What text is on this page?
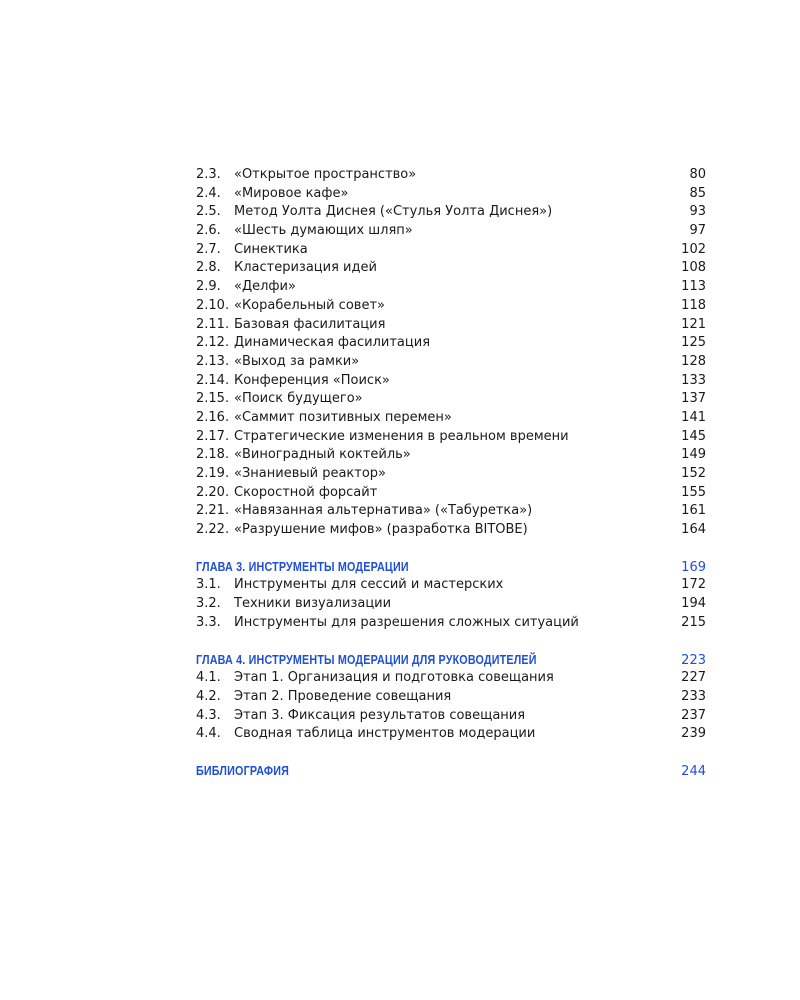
2.3.	«Открытое пространство»	80
2.4.	«Мировое кафе»	85
2.5.	Метод Уолта Диснея («Стулья Уолта Диснея»)	93
2.6.	«Шесть думающих шляп»	97
2.7.	Синектика	102
2.8.	Кластеризация идей	108
2.9.	«Делфи»	113
2.10. «Корабельный совет»	118
2.11. Базовая фасилитация	121
2.12. Динамическая фасилитация	125
2.13. «Выход за рамки»	128
2.14. Конференция «Поиск»	133
2.15. «Поиск будущего»	137
2.16. «Саммит позитивных перемен»	141
2.17. Стратегические изменения в реальном времени	145
2.18. «Виноградный коктейль»	149
2.19. «Знаниевый реактор»	152
2.20. Скоростной форсайт	155
2.21. «Навязанная альтернатива» («Табуретка»)	161
2.22. «Разрушение мифов» (разработка BITOBE)	164
ГЛАВА 3. ИНСТРУМЕНТЫ МОДЕРАЦИИ	169
3.1.	Инструменты для сессий и мастерских	172
3.2.	Техники визуализации	194
3.3.	Инструменты для разрешения сложных ситуаций	215
ГЛАВА 4. ИНСТРУМЕНТЫ МОДЕРАЦИИ ДЛЯ РУКОВОДИТЕЛЕЙ	223
4.1.	Этап 1. Организация и подготовка совещания	227
4.2.	Этап 2. Проведение совещания	233
4.3.	Этап 3. Фиксация результатов совещания	237
4.4.	Сводная таблица инструментов модерации	239
БИБЛИОГРАФИЯ	244
